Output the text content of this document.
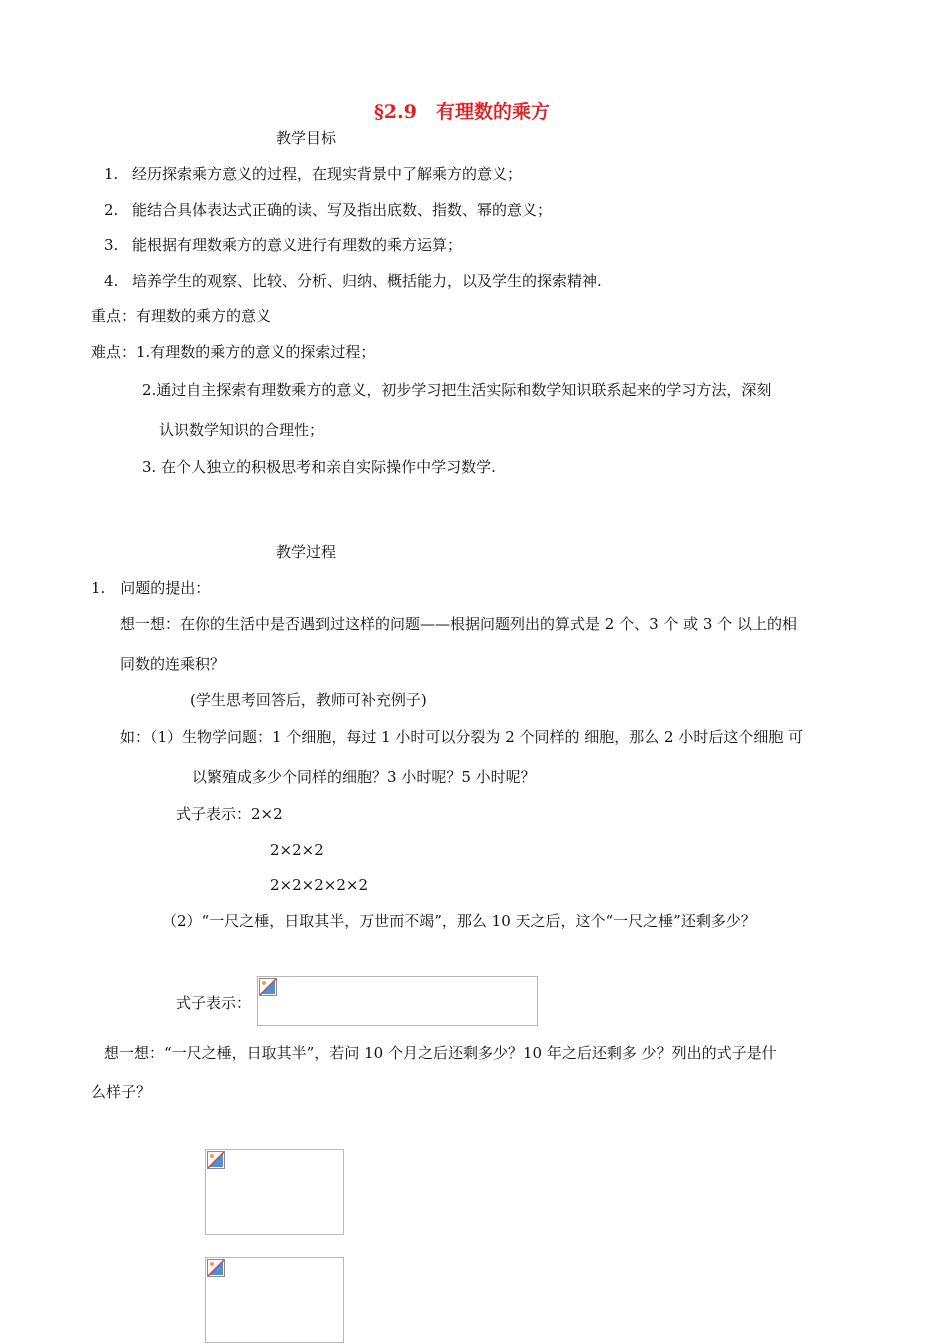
§2.9　有理数的乘方
教学目标
1. 经历探索乘方意义的过程，在现实背景中了解乘方的意义；
2. 能结合具体表达式正确的读、写及指出底数、指数、幂的意义；
3. 能根据有理数乘方的意义进行有理数的乘方运算；
4. 培养学生的观察、比较、分析、归纳、概括能力，以及学生的探索精神.
重点：有理数的乘方的意义
难点：1.有理数的乘方的意义的探索过程；
2.通过自主探索有理数乘方的意义，初步学习把生活实际和数学知识联系起来的学习方法，深刻
认识数学知识的合理性；
3. 在个人独立的积极思考和亲自实际操作中学习数学.
教学过程
1.　问题的提出：
想一想：在你的生活中是否遇到过这样的问题——根据问题列出的算式是 2 个、3 个 或 3 个 以上的相
同数的连乘积？
(学生思考回答后，教师可补充例子)
如：（1）生物学问题：1 个细胞，每过 1 小时可以分裂为 2 个同样的 细胞，那么 2 小时后这个细胞 可
以繁殖成多少个同样的细胞？3 小时呢？5 小时呢？
式子表示：2×2
2×2×2
2×2×2×2×2
（2）“一尺之棰，日取其半，万世而不竭”，那么 10 天之后，这个“一尺之棰”还剩多少？
式子表示：
想一想：“一尺之棰，日取其半”，若问 10 个月之后还剩多少？10 年之后还剩多 少？列出的式子是什
么样子？
